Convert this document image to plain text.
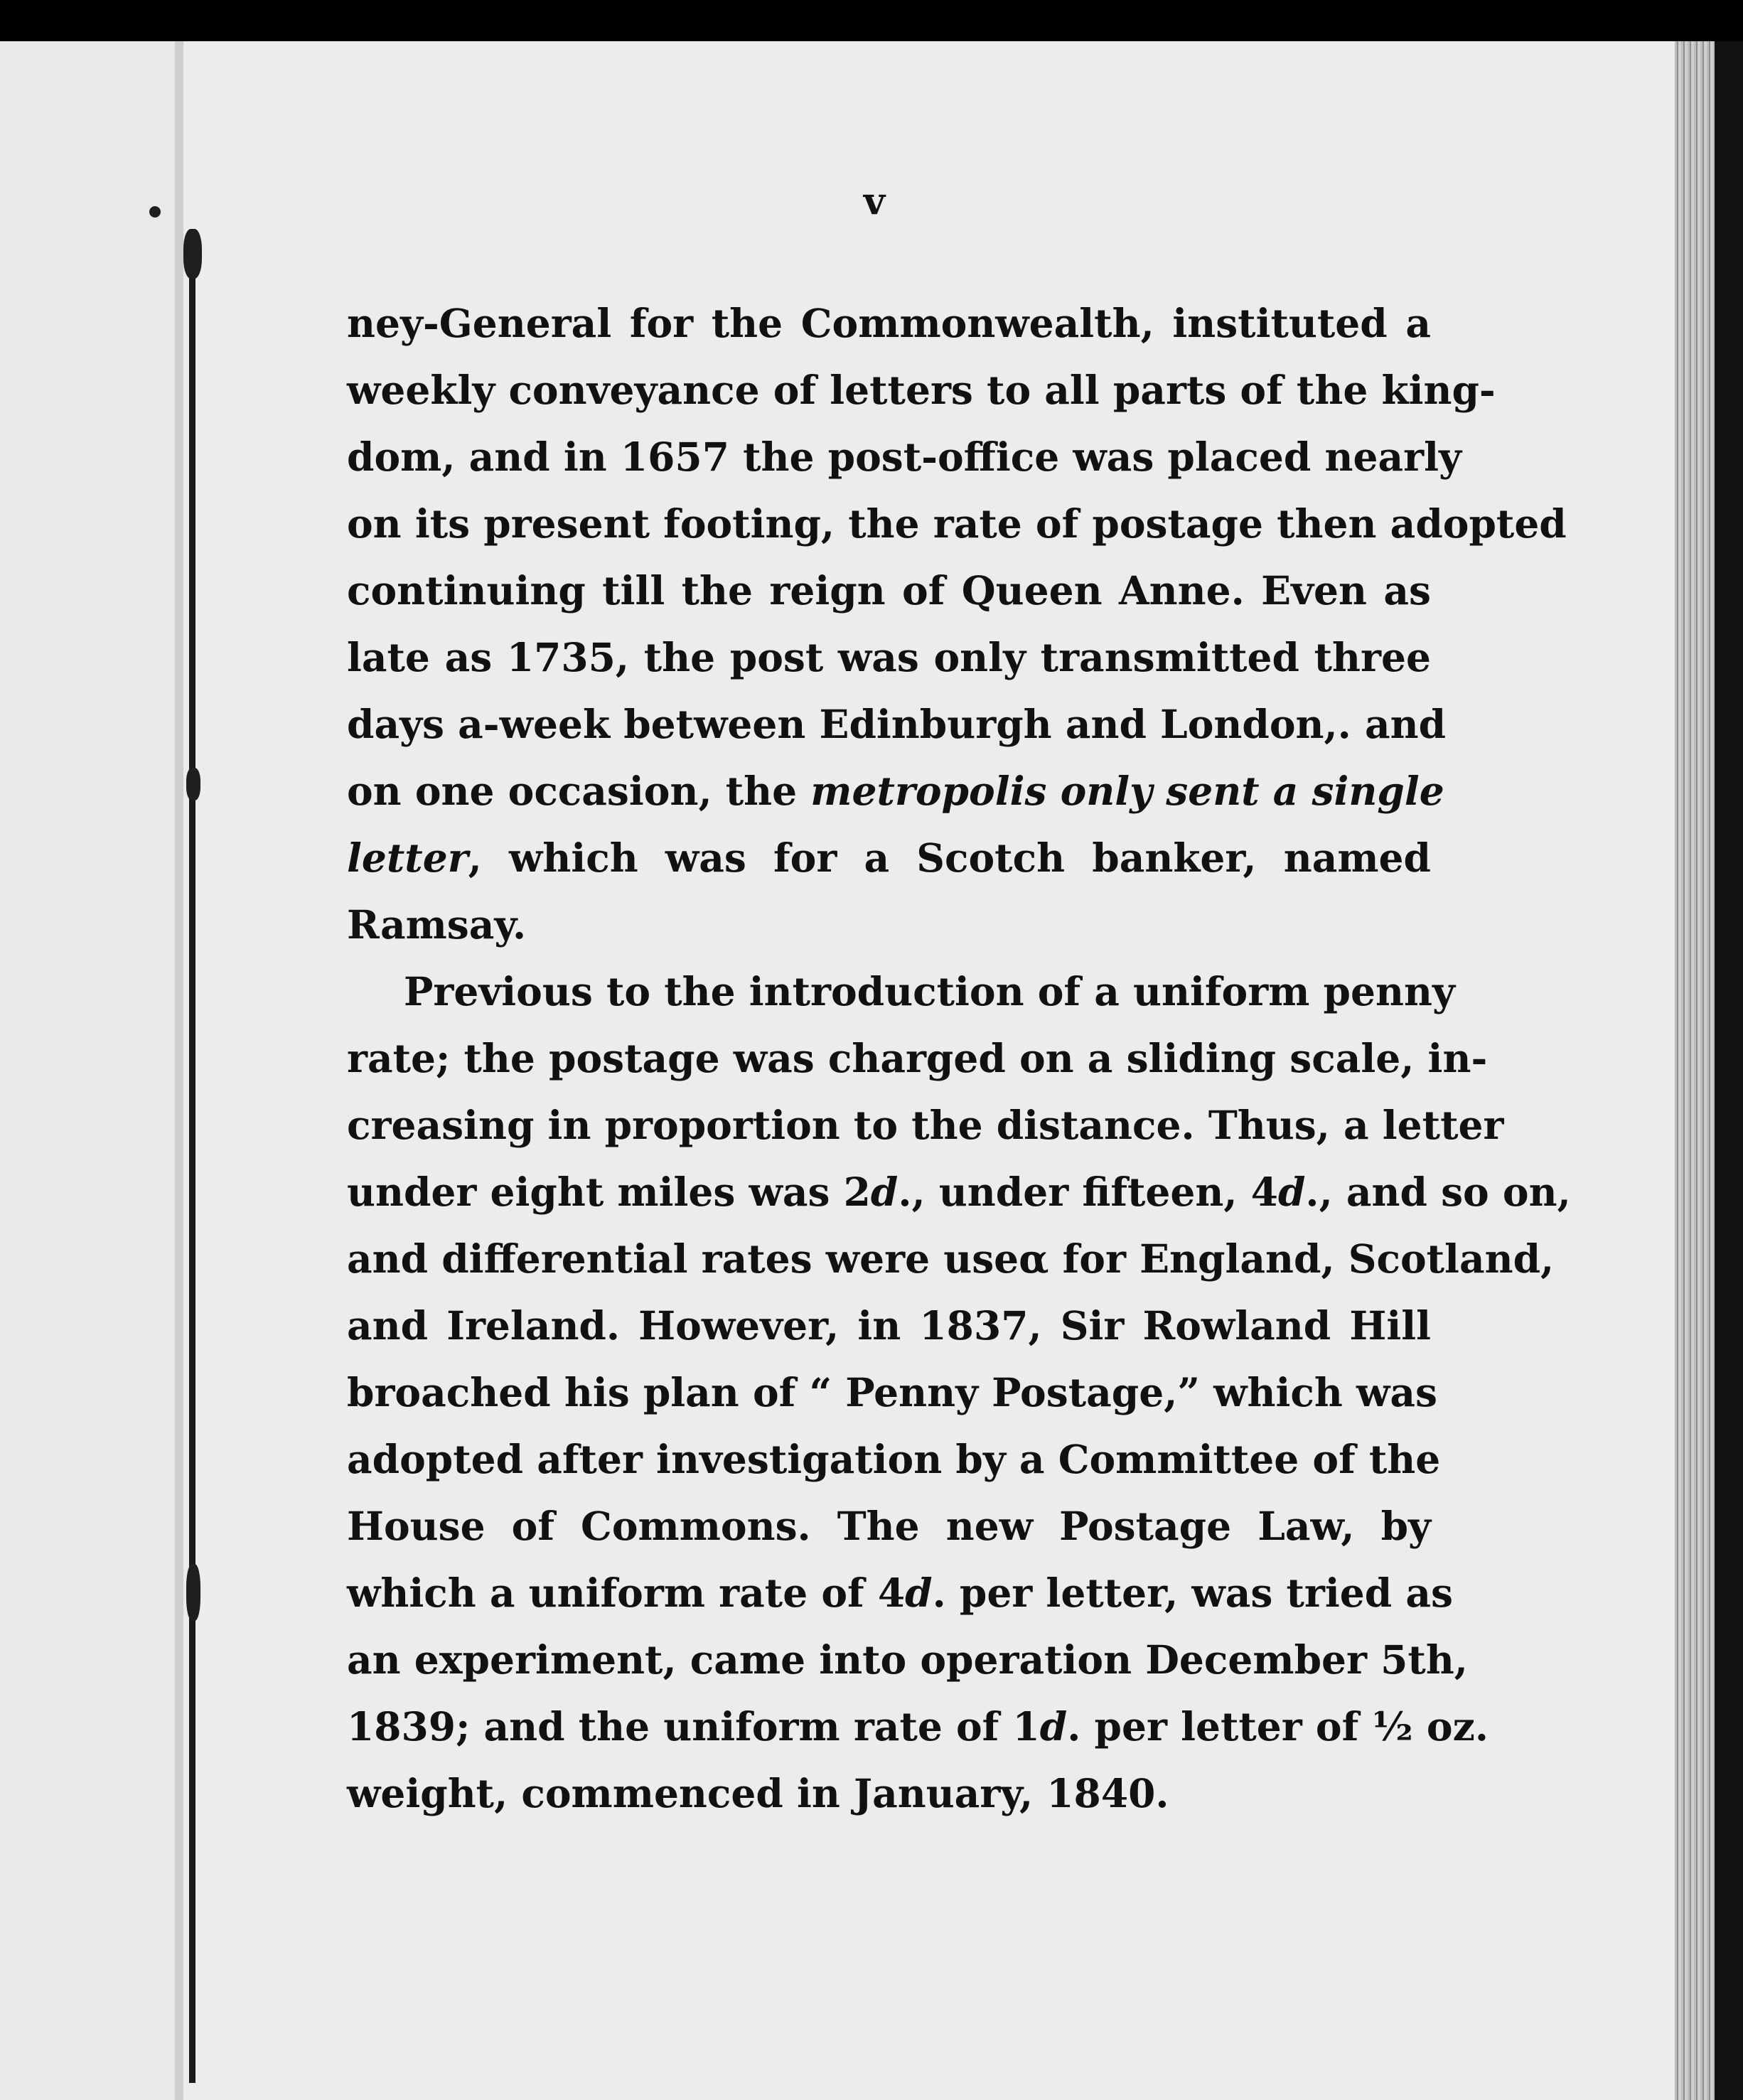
v
ney-General for the Commonwealth, instituted a
weekly conveyance of letters to all parts of the king-
dom, and in 1657 the post-office was placed nearly
on its present footing, the rate of postage then adopted
continuing till the reign of Queen Anne. Even as
late as 1735, the post was only transmitted three
days a-week between Edinburgh and London,. and
on one occasion, the metropolis only sent a single
letter, which was for a Scotch banker, named
Ramsay.
Previous to the introduction of a uniform penny
rate; the postage was charged on a sliding scale, in-
creasing in proportion to the distance. Thus, a letter
under eight miles was 2d., under fifteen, 4d., and so on,
and differential rates were useα for England, Scotland,
and Ireland. However, in 1837, Sir Rowland Hill
broached his plan of “ Penny Postage,” which was
adopted after investigation by a Committee of the
House of Commons. The new Postage Law, by
which a uniform rate of 4d. per letter, was tried as
an experiment, came into operation December 5th,
1839; and the uniform rate of 1d. per letter of ½ oz.
weight, commenced in January, 1840.
